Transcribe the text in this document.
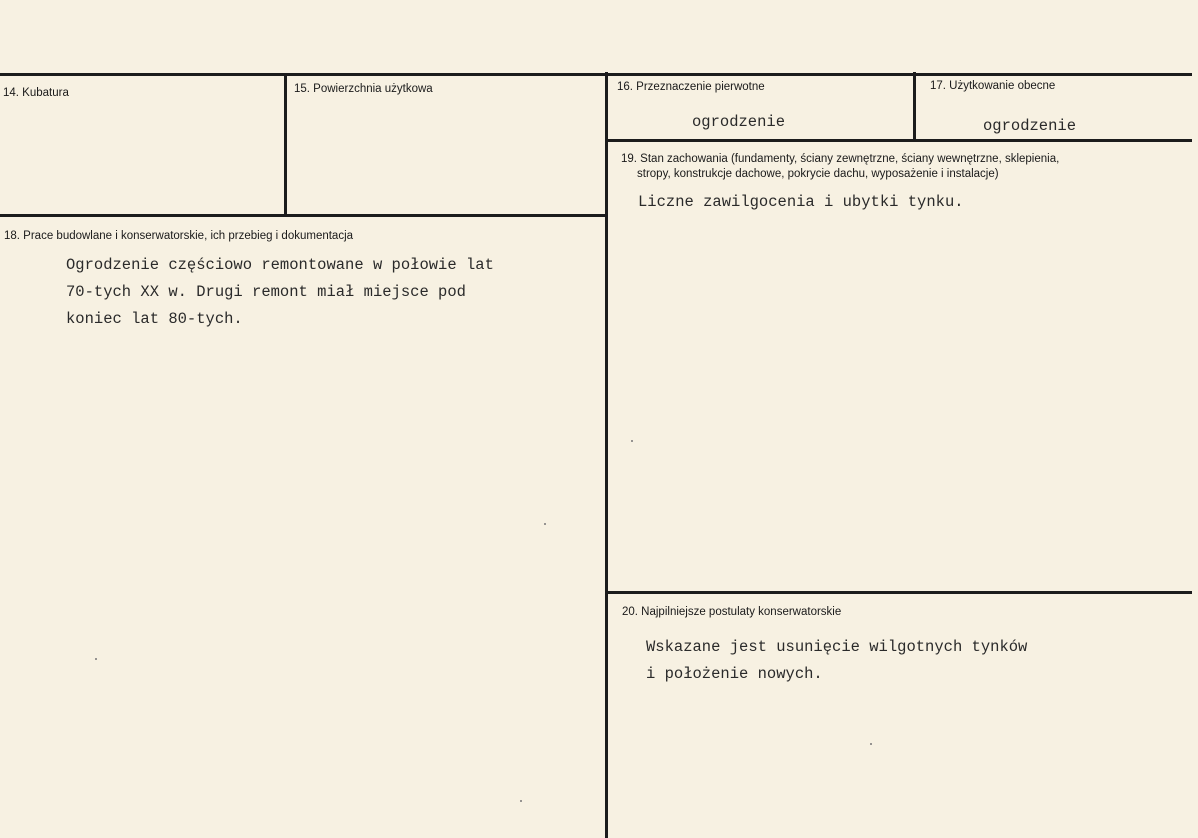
14. Kubatura	15. Powierzchnia użytkowa	16. Przeznaczenie pierwotne
ogrodzenie
17. Użytkowanie obecne
ogrodzenie
18. Prace budowlane i konserwatorskie, ich przebieg i dokumentacja
Ogrodzenie częściowo remontowane w połowie lat
70-tych XX w. Drugi remont miał miejsce pod
koniec lat 80-tych.
19. Stan zachowania (fundamenty, ściany zewnętrzne, ściany wewnętrzne, sklepienia,
stropy, konstrukcje dachowe, pokrycie dachu, wyposażenie i instalacje)
Liczne zawilgocenia i ubytki tynku.
20. Najpilniejsze postulaty konserwatorskie
Wskazane jest usunięcie wilgotnych tynków
i położenie nowych.
